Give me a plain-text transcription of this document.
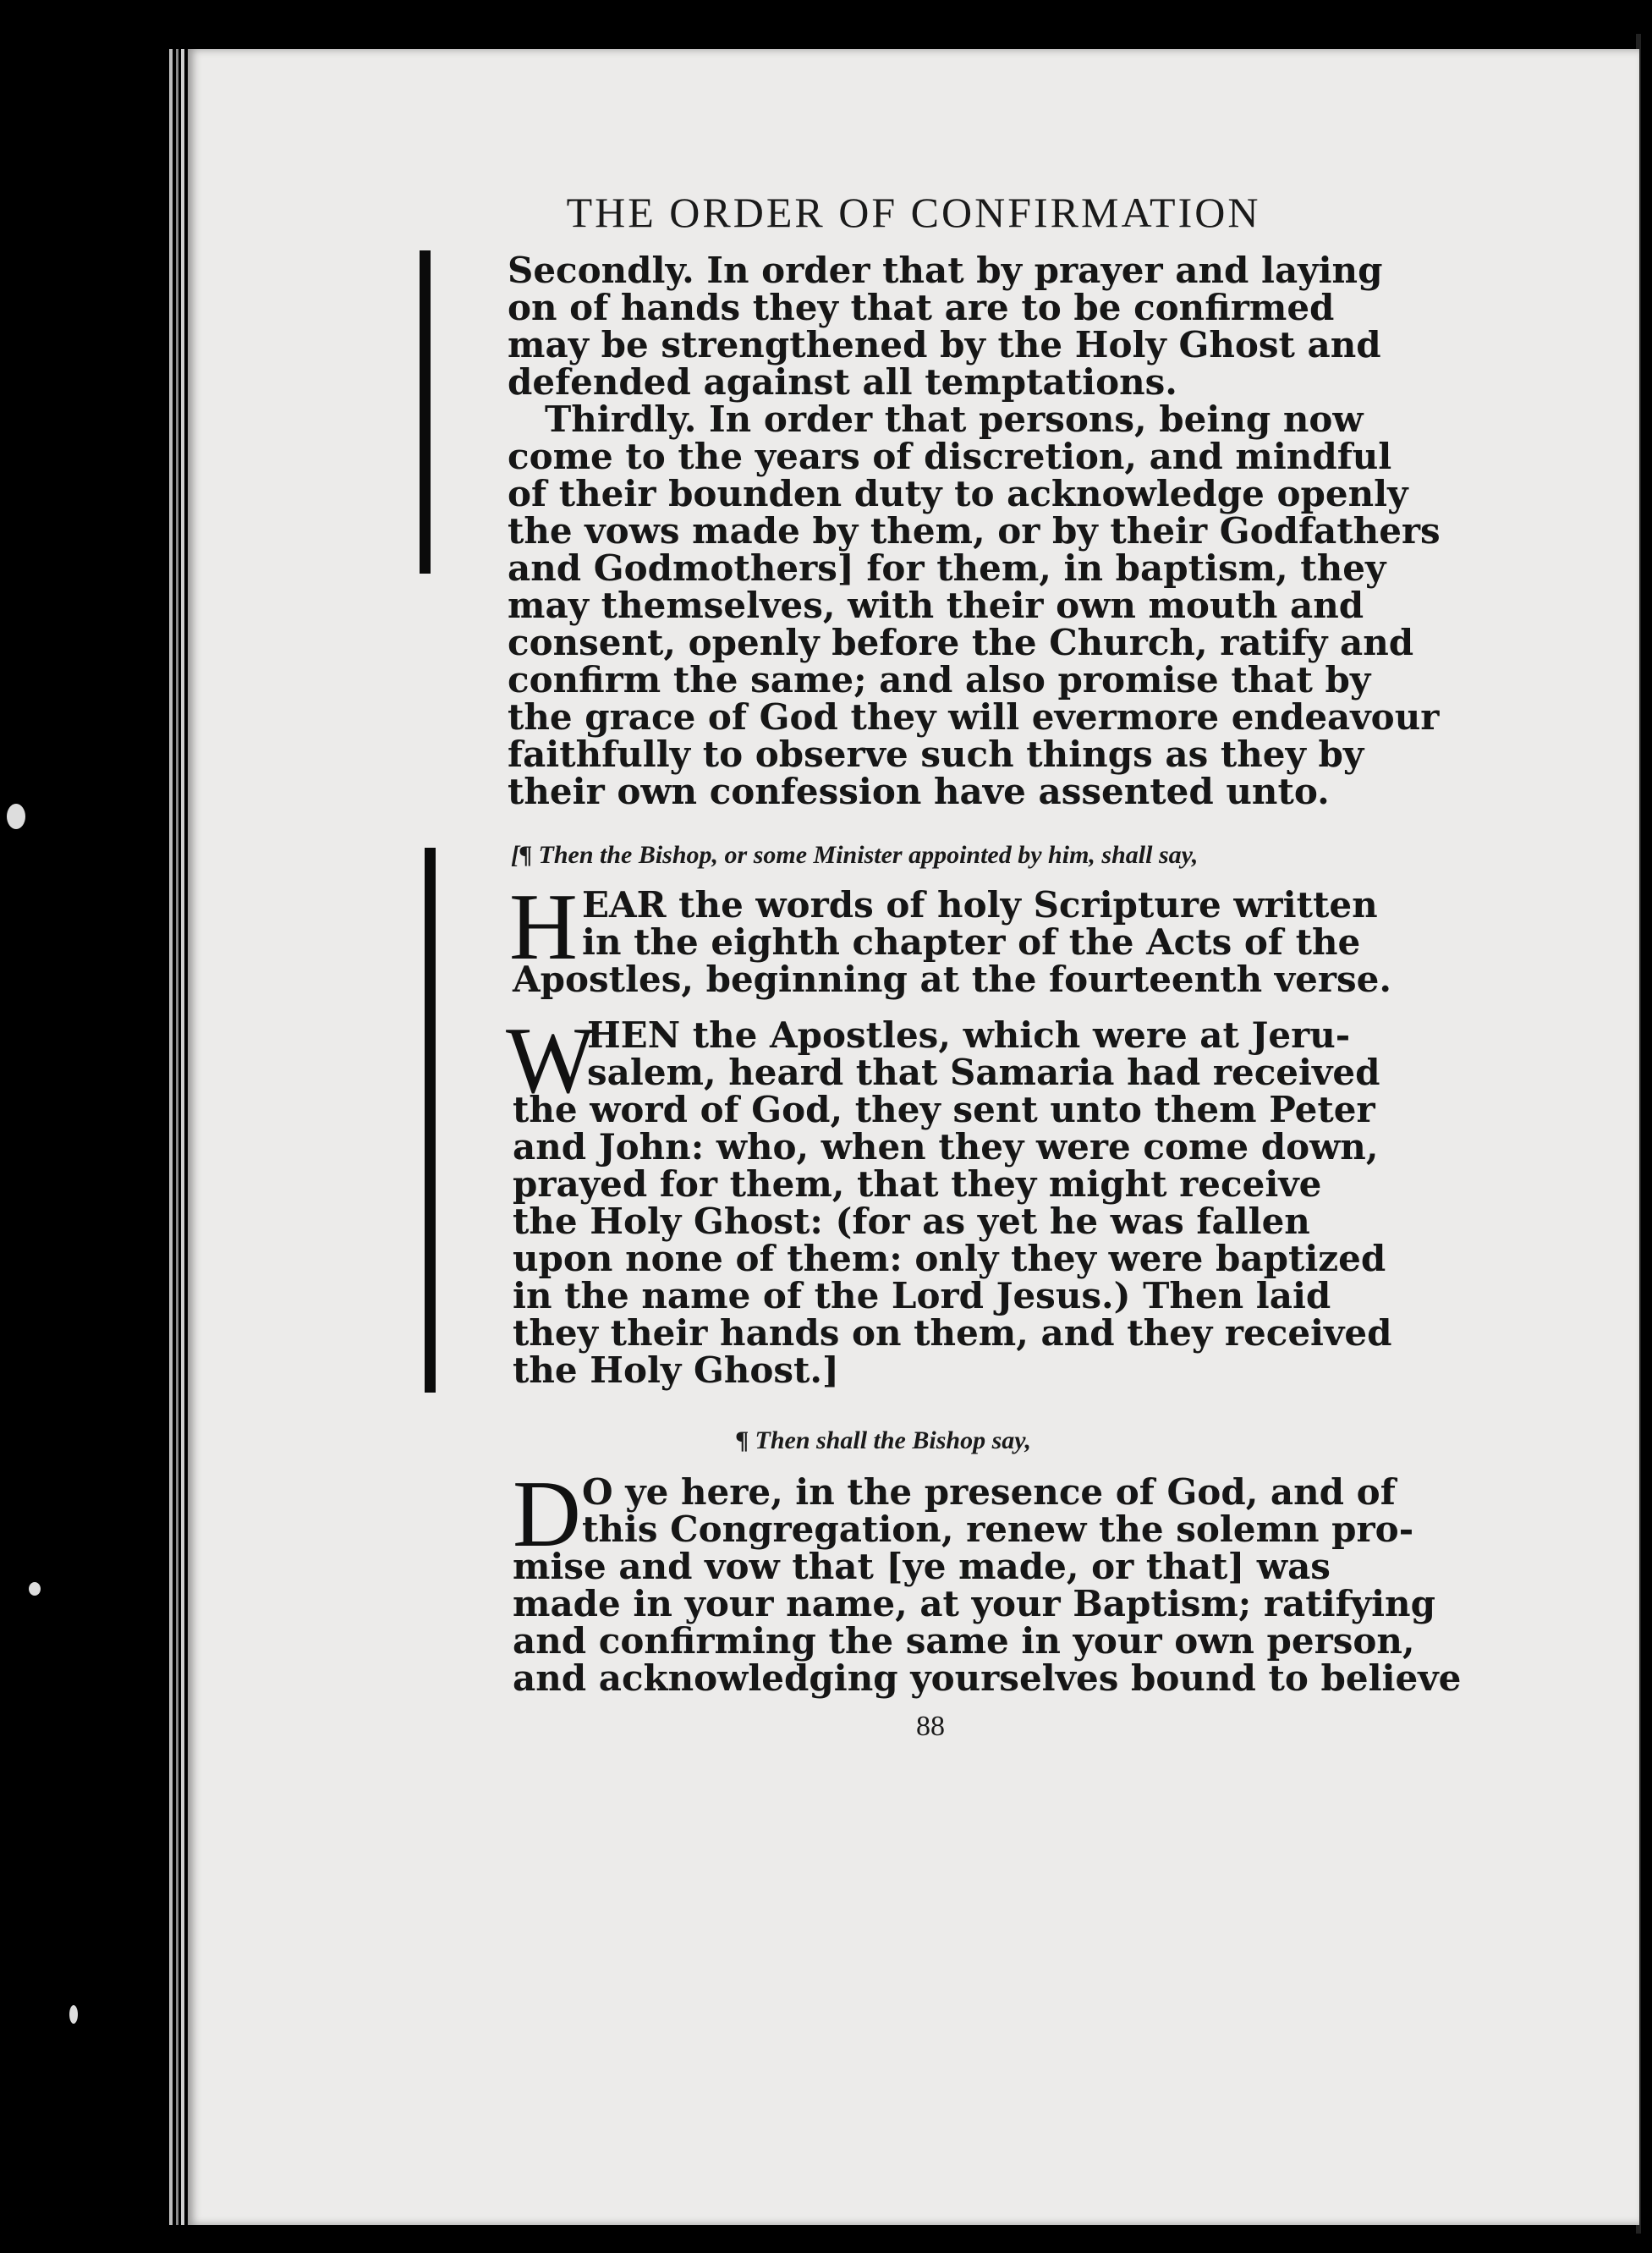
THE ORDER OF CONFIRMATION
Secondly. In order that by prayer and laying
on of hands they that are to be confirmed
may be strengthened by the Holy Ghost and
defended against all temptations.
Thirdly. In order that persons, being now
come to the years of discretion, and mindful
of their bounden duty to acknowledge openly
the vows made by them, or by their Godfathers
and Godmothers] for them, in baptism, they
may themselves, with their own mouth and
consent, openly before the Church, ratify and
confirm the same; and also promise that by
the grace of God they will evermore endeavour
faithfully to observe such things as they by
their own confession have assented unto.
[¶ Then the Bishop, or some Minister appointed by him, shall say,
H EAR the words of holy Scripture written
in the eighth chapter of the Acts of the
Apostles, beginning at the fourteenth verse.
W
HEN the Apostles, which were at Jeru-
salem, heard that Samaria had received
the word of God, they sent unto them Peter
and John: who, when they were come down,
prayed for them, that they might receive
the Holy Ghost: (for as yet he was fallen
upon none of them: only they were baptized
in the name of the Lord Jesus.) Then laid
they their hands on them, and they received
the Holy Ghost.]
¶ Then shall the Bishop say,
D O ye here, in the presence of God, and of
this Congregation, renew the solemn pro-
mise and vow that [ye made, or that] was
made in your name, at your Baptism; ratifying
and confirming the same in your own person,
and acknowledging yourselves bound to believe
88
